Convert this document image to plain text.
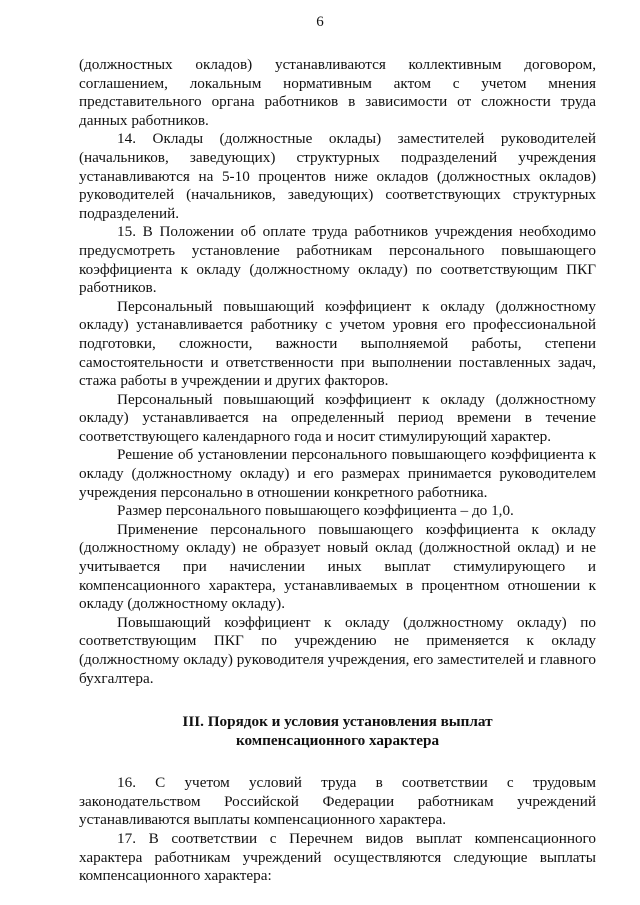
6

(должностных окладов) устанавливаются коллективным договором, соглашением, локальным нормативным актом с учетом мнения представительного органа работников в зависимости от сложности труда данных работников.

14. Оклады (должностные оклады) заместителей руководителей (начальников, заведующих) структурных подразделений учреждения устанавливаются на 5-10 процентов ниже окладов (должностных окладов) руководителей (начальников, заведующих) соответствующих структурных подразделений.

15. В Положении об оплате труда работников учреждения необходимо предусмотреть установление работникам персонального повышающего коэффициента к окладу (должностному окладу) по соответствующим ПКГ работников.

Персональный повышающий коэффициент к окладу (должностному окладу) устанавливается работнику с учетом уровня его профессиональной подготовки, сложности, важности выполняемой работы, степени самостоятельности и ответственности при выполнении поставленных задач, стажа работы в учреждении и других факторов.

Персональный повышающий коэффициент к окладу (должностному окладу) устанавливается на определенный период времени в течение соответствующего календарного года и носит стимулирующий характер.

Решение об установлении персонального повышающего коэффициента к окладу (должностному окладу) и его размерах принимается руководителем учреждения персонально в отношении конкретного работника.

Размер персонального повышающего коэффициента – до 1,0.

Применение персонального повышающего коэффициента к окладу (должностному окладу) не образует новый оклад (должностной оклад) и не учитывается при начислении иных выплат стимулирующего и компенсационного характера, устанавливаемых в процентном отношении к окладу (должностному окладу).

Повышающий коэффициент к окладу (должностному окладу) по соответствующим ПКГ по учреждению не применяется к окладу (должностному окладу) руководителя учреждения, его заместителей и главного бухгалтера.

III. Порядок и условия установления выплат
компенсационного характера

16. С учетом условий труда в соответствии с трудовым законодательством Российской Федерации работникам учреждений устанавливаются выплаты компенсационного характера.

17. В соответствии с Перечнем видов выплат компенсационного характера работникам учреждений осуществляются следующие выплаты компенсационного характера:
